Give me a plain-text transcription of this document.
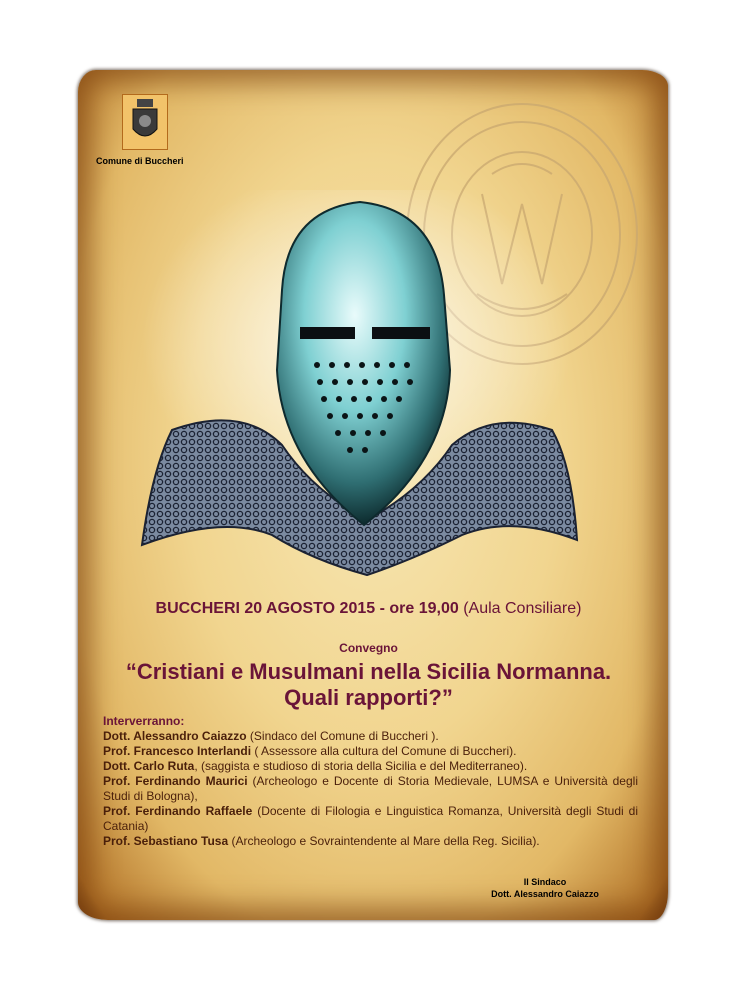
Comune di Buccheri
BUCCHERI 20 AGOSTO 2015 - ore 19,00 (Aula Consiliare)
Convegno
“Cristiani e Musulmani nella Sicilia Normanna.
Quali rapporti?”
Interverranno:

Dott. Alessandro Caiazzo (Sindaco del Comune di Buccheri ).

Prof. Francesco Interlandi ( Assessore alla cultura del Comune di Buccheri).

Dott. Carlo Ruta, (saggista e studioso di storia della Sicilia e del Mediterraneo).

Prof. Ferdinando Maurici (Archeologo e Docente di Storia Medievale, LUMSA e Università degli Studi di Bologna),

Prof. Ferdinando Raffaele (Docente di Filologia e Linguistica Romanza, Università degli Studi di Catania)

Prof. Sebastiano Tusa (Archeologo e Sovraintendente al Mare della Reg. Sicilia).

Il Sindaco
Dott. Alessandro Caiazzo
